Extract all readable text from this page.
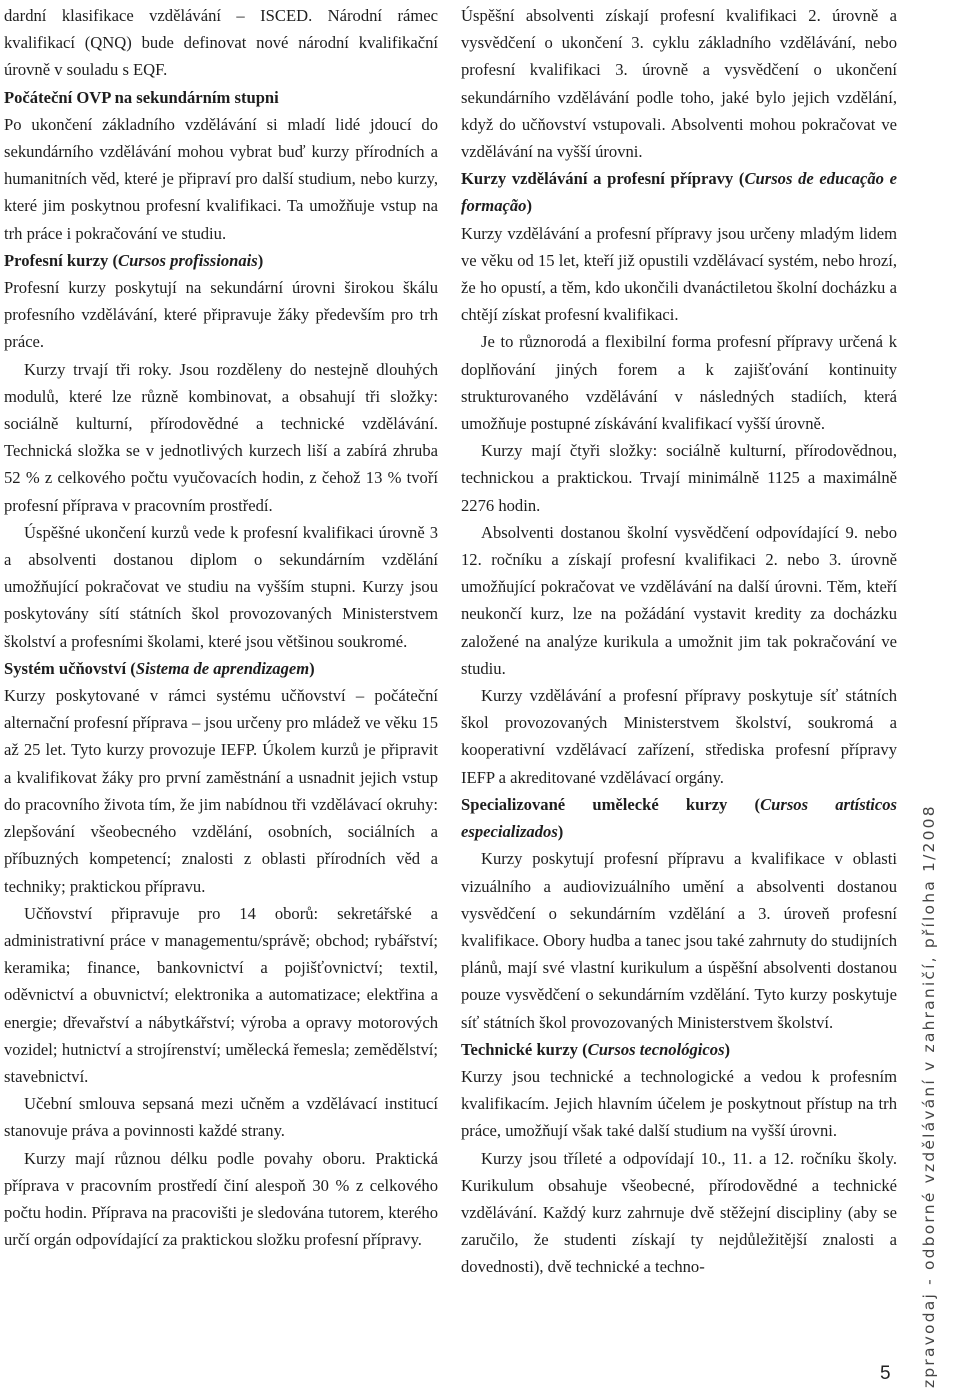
dardní klasifikace vzdělávání – ISCED. Národní rámec kvalifikací (QNQ) bude definovat nové národní kvalifikační úrovně v souladu s EQF.

Počáteční OVP na sekundárním stupni

Po ukončení základního vzdělávání si mladí lidé jdoucí do sekundárního vzdělávání mohou vybrat buď kurzy přírodních a humanitních věd, které je připraví pro další studium, nebo kurzy, které jim poskytnou profesní kvalifikaci. Ta umožňuje vstup na trh práce i pokračování ve studiu.

Profesní kurzy (Cursos profissionais)

Profesní kurzy poskytují na sekundární úrovni širokou škálu profesního vzdělávání, které připravuje žáky především pro trh práce.

Kurzy trvají tři roky. Jsou rozděleny do nestejně dlouhých modulů, které lze různě kombinovat, a obsahují tři složky: sociálně kulturní, přírodovědné a technické vzdělávání. Technická složka se v jednotlivých kurzech liší a zabírá zhruba 52 % z celkového počtu vyučovacích hodin, z čehož 13 % tvoří profesní příprava v pracovním prostředí.

Úspěšné ukončení kurzů vede k profesní kvalifikaci úrovně 3 a absolventi dostanou diplom o sekundárním vzdělání umožňující pokračovat ve studiu na vyšším stupni. Kurzy jsou poskytovány sítí státních škol provozovaných Ministerstvem školství a profesními školami, které jsou většinou soukromé.

Systém učňovství (Sistema de aprendizagem)

Kurzy poskytované v rámci systému učňovství – počáteční alternační profesní příprava – jsou určeny pro mládež ve věku 15 až 25 let. Tyto kurzy provozuje IEFP. Úkolem kurzů je připravit a kvalifikovat žáky pro první zaměstnání a usnadnit jejich vstup do pracovního života tím, že jim nabídnou tři vzdělávací okruhy: zlepšování všeobecného vzdělání, osobních, sociálních a příbuzných kompetencí; znalosti z oblasti přírodních věd a techniky; praktickou přípravu.

Učňovství připravuje pro 14 oborů: sekretářské a administrativní práce v managementu/správě; obchod; rybářství; keramika; finance, bankovnictví a pojišťovnictví; textil, oděvnictví a obuvnictví; elektronika a automatizace; elektřina a energie; dřevařství a nábytkářství; výroba a opravy motorových vozidel; hutnictví a strojírenství; umělecká řemesla; zemědělství; stavebnictví.

Učební smlouva sepsaná mezi učněm a vzdělávací institucí stanovuje práva a povinnosti každé strany.

Kurzy mají různou délku podle povahy oboru. Praktická příprava v pracovním prostředí činí alespoň 30 % z celkového počtu hodin. Příprava na pracovišti je sledována tutorem, kterého určí orgán odpovídající za praktickou složku profesní přípravy.

Úspěšní absolventi získají profesní kvalifikaci 2. úrovně a vysvědčení o ukončení 3. cyklu základního vzdělávání, nebo profesní kvalifikaci 3. úrovně a vysvědčení o ukončení sekundárního vzdělávání podle toho, jaké bylo jejich vzdělání, když do učňovství vstupovali. Absolventi mohou pokračovat ve vzdělávání na vyšší úrovni.

Kurzy vzdělávání a profesní přípravy (Cursos de educação e formação)

Kurzy vzdělávání a profesní přípravy jsou určeny mladým lidem ve věku od 15 let, kteří již opustili vzdělávací systém, nebo hrozí, že ho opustí, a těm, kdo ukončili dvanáctiletou školní docházku a chtějí získat profesní kvalifikaci.

Je to různorodá a flexibilní forma profesní přípravy určená k doplňování jiných forem a k zajišťování kontinuity strukturovaného vzdělávání v následných stadiích, která umožňuje postupné získávání kvalifikací vyšší úrovně.

Kurzy mají čtyři složky: sociálně kulturní, přírodovědnou, technickou a praktickou. Trvají minimálně 1125 a maximálně 2276 hodin.

Absolventi dostanou školní vysvědčení odpovídající 9. nebo 12. ročníku a získají profesní kvalifikaci 2. nebo 3. úrovně umožňující pokračovat ve vzdělávání na další úrovni. Těm, kteří neukončí kurz, lze na požádání vystavit kredity za docházku založené na analýze kurikula a umožnit jim tak pokračování ve studiu.

Kurzy vzdělávání a profesní přípravy poskytuje síť státních škol provozovaných Ministerstvem školství, soukromá a kooperativní vzdělávací zařízení, střediska profesní přípravy IEFP a akreditované vzdělávací orgány.

Specializované umělecké kurzy (Cursos artísticos especializados)

Kurzy poskytují profesní přípravu a kvalifikace v oblasti vizuálního a audiovizuálního umění a absolventi dostanou vysvědčení o sekundárním vzdělání a 3. úroveň profesní kvalifikace. Obory hudba a tanec jsou také zahrnuty do studijních plánů, mají své vlastní kurikulum a úspěšní absolventi dostanou pouze vysvědčení o sekundárním vzdělání. Tyto kurzy poskytuje síť státních škol provozovaných Ministerstvem školství.

Technické kurzy (Cursos tecnológicos)

Kurzy jsou technické a technologické a vedou k profesním kvalifikacím. Jejich hlavním účelem je poskytnout přístup na trh práce, umožňují však také další studium na vyšší úrovni.

Kurzy jsou tříleté a odpovídají 10., 11. a 12. ročníku školy. Kurikulum obsahuje všeobecné, přírodovědné a technické vzdělávání. Každý kurz zahrnuje dvě stěžejní discipliny (aby se zaručilo, že studenti získají ty nejdůležitější znalosti a dovednosti), dvě technické a techno-	zpravodaj - odborné vzdělávání v zahraničí, příloha 1/2008
5
